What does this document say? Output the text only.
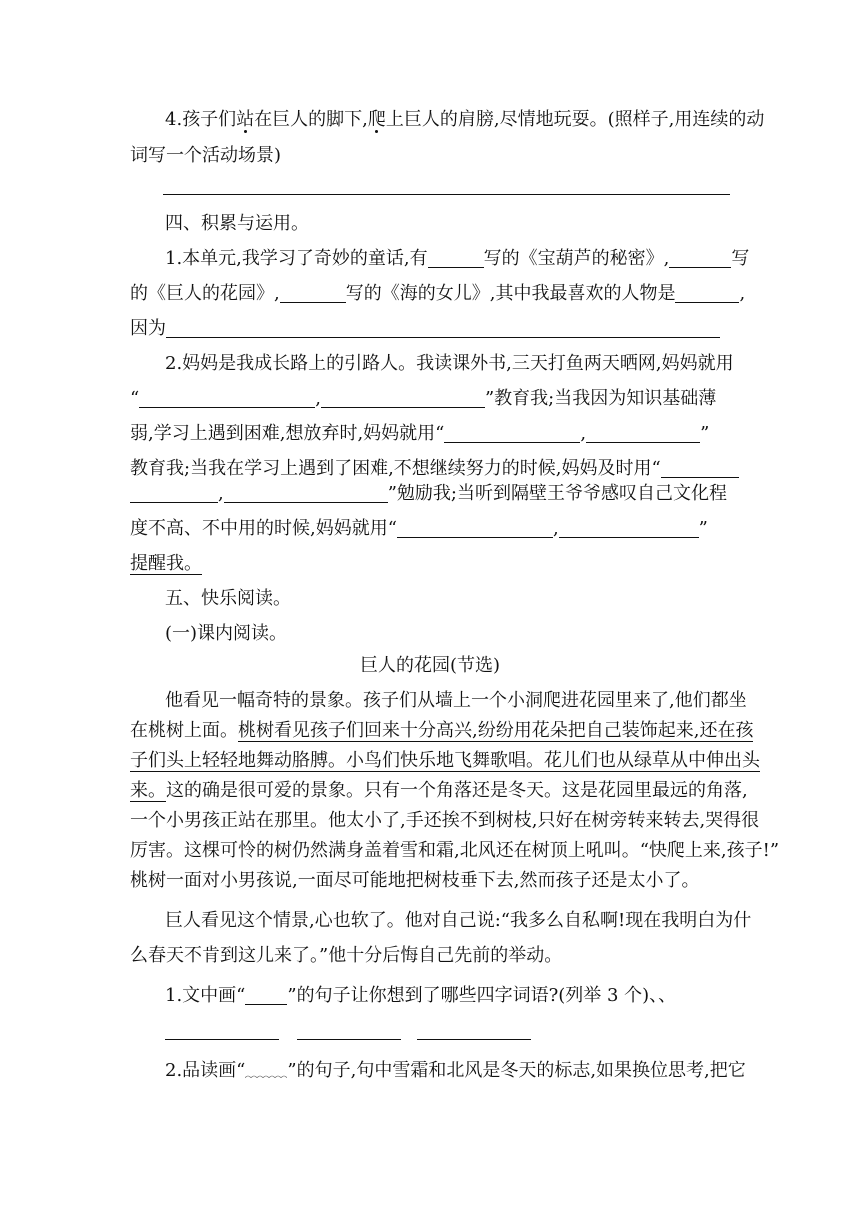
4.孩子们站在巨人的脚下,爬上巨人的肩膀,尽情地玩耍。(照样子,用连续的动
词写一个活动场景)
四、积累与运用。
1.本单元,我学习了奇妙的童话,有	写的《宝葫芦的秘密》,	写
的《巨人的花园》,	写的《海的女儿》,其中我最喜欢的人物是	,
因为
2.妈妈是我成长路上的引路人。我读课外书,三天打鱼两天晒网,妈妈就用
“	,	”教育我;当我因为知识基础薄
弱,学习上遇到困难,想放弃时,妈妈就用“	,	”
教育我;当我在学习上遇到了困难,不想继续努力的时候,妈妈及时用“
,	”勉励我;当听到隔壁王爷爷感叹自己文化程
度不高、不中用的时候,妈妈就用“	,	”
提醒我。
五、快乐阅读。
(一)课内阅读。
巨人的花园(节选)
他看见一幅奇特的景象。孩子们从墙上一个小洞爬进花园里来了,他们都坐
在桃树上面。桃树看见孩子们回来十分高兴,纷纷用花朵把自己装饰起来,还在孩
子们头上轻轻地舞动胳膊。小鸟们快乐地飞舞歌唱。花儿们也从绿草从中伸出头
来。这的确是很可爱的景象。只有一个角落还是冬天。这是花园里最远的角落,
一个小男孩正站在那里。他太小了,手还挨不到树枝,只好在树旁转来转去,哭得很
厉害。这棵可怜的树仍然满身盖着雪和霜,北风还在树顶上吼叫。“快爬上来,孩子!”
桃树一面对小男孩说,一面尽可能地把树枝垂下去,然而孩子还是太小了。
巨人看见这个情景,心也软了。他对自己说:“我多么自私啊!现在我明白为什
么春天不肯到这儿来了。”他十分后悔自己先前的举动。
1.文中画“ ”的句子让你想到了哪些四字词语?(列举 3 个)、、
2.品读画“ ”的句子,句中雪霜和北风是冬天的标志,如果换位思考,把它
